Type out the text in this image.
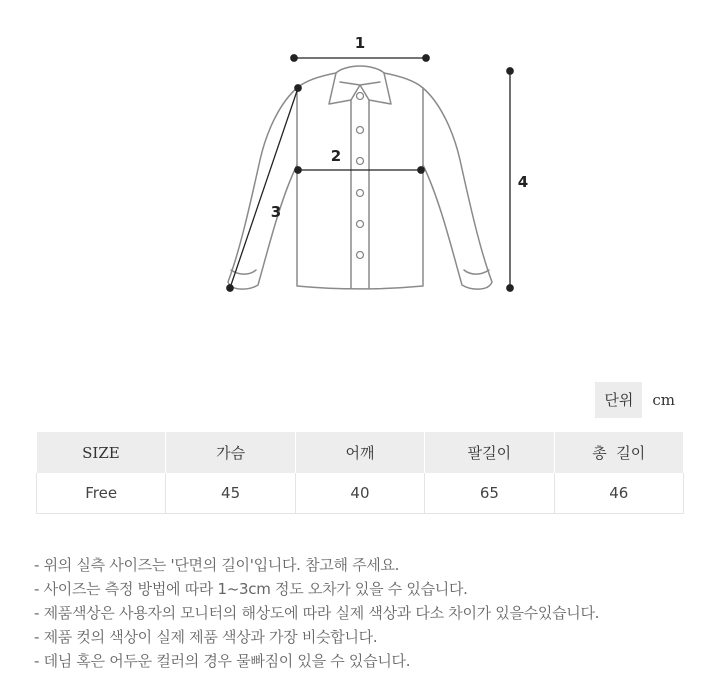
1
2
3
4
단위	cm
SIZE	가슴	어깨	팔길이	총  길이
Free	45	40	65	46
- 위의 실측 사이즈는 '단면의 길이'입니다. 참고해 주세요.
- 사이즈는 측정 방법에 따라 1~3cm 정도 오차가 있을 수 있습니다.
- 제품색상은 사용자의 모니터의 해상도에 따라 실제 색상과 다소 차이가 있을수있습니다.
- 제품 컷의 색상이 실제 제품 색상과 가장 비슷합니다.
- 데님 혹은 어두운 컬러의 경우 물빠짐이 있을 수 있습니다.
